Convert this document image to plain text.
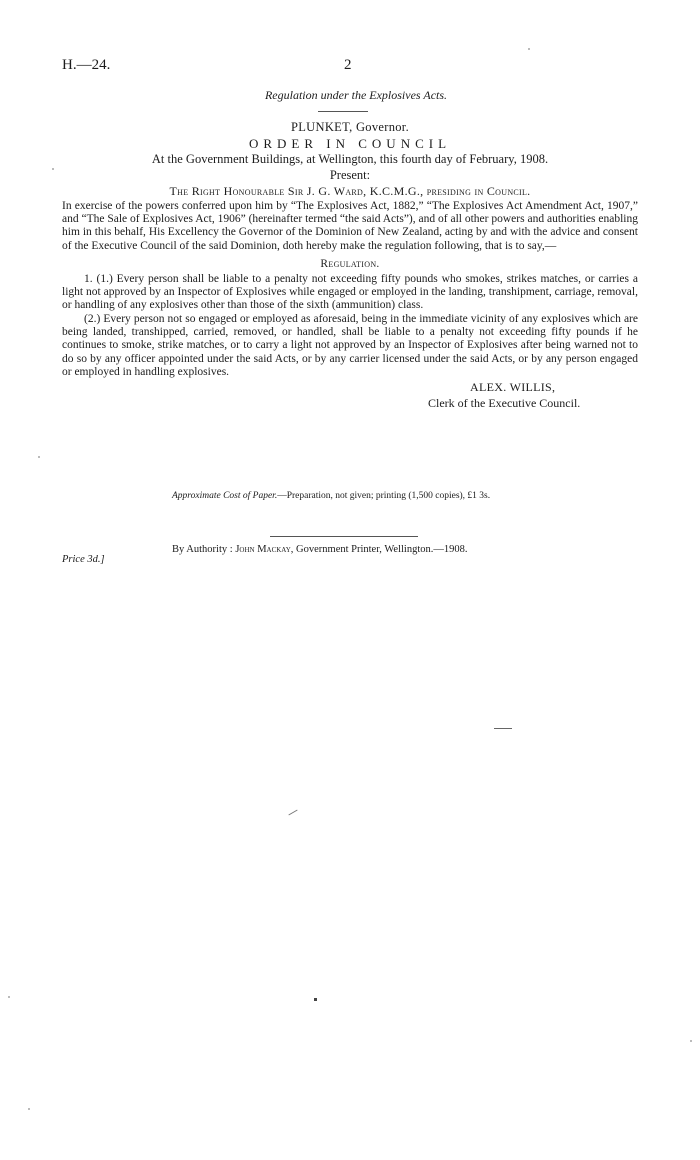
H.—24.	2
Regulation under the Explosives Acts.
PLUNKET, Governor.
ORDER IN COUNCIL
At the Government Buildings, at Wellington, this fourth day of February, 1908.
Present:
The Right Honourable Sir J. G. Ward, K.C.M.G., presiding in Council.
In exercise of the powers conferred upon him by “The Explosives Act, 1882,” “The Explosives Act Amendment Act, 1907,” and “The Sale of Explosives Act, 1906” (hereinafter termed “the said Acts”), and of all other powers and authorities enabling him in this behalf, His Excellency the Governor of the Dominion of New Zealand, acting by and with the advice and consent of the Executive Council of the said Dominion, doth hereby make the regulation following, that is to say,—
Regulation.
1. (1.) Every person shall be liable to a penalty not exceeding fifty pounds who smokes, strikes matches, or carries a light not approved by an Inspector of Explosives while engaged or employed in the landing, transhipment, carriage, removal, or handling of any explosives other than those of the sixth (ammunition) class.
(2.) Every person not so engaged or employed as aforesaid, being in the immediate vicinity of any explosives which are being landed, transhipped, carried, removed, or handled, shall be liable to a penalty not exceeding fifty pounds if he continues to smoke, strike matches, or to carry a light not approved by an Inspector of Explosives after being warned not to do so by any officer appointed under the said Acts, or by any carrier licensed under the said Acts, or by any person engaged or employed in handling explosives.
ALEX. WILLIS,
Clerk of the Executive Council.
Approximate Cost of Paper.—Preparation, not given; printing (1,500 copies), £1 3s.
By Authority : John Mackay, Government Printer, Wellington.—1908.
Price 3d.]
